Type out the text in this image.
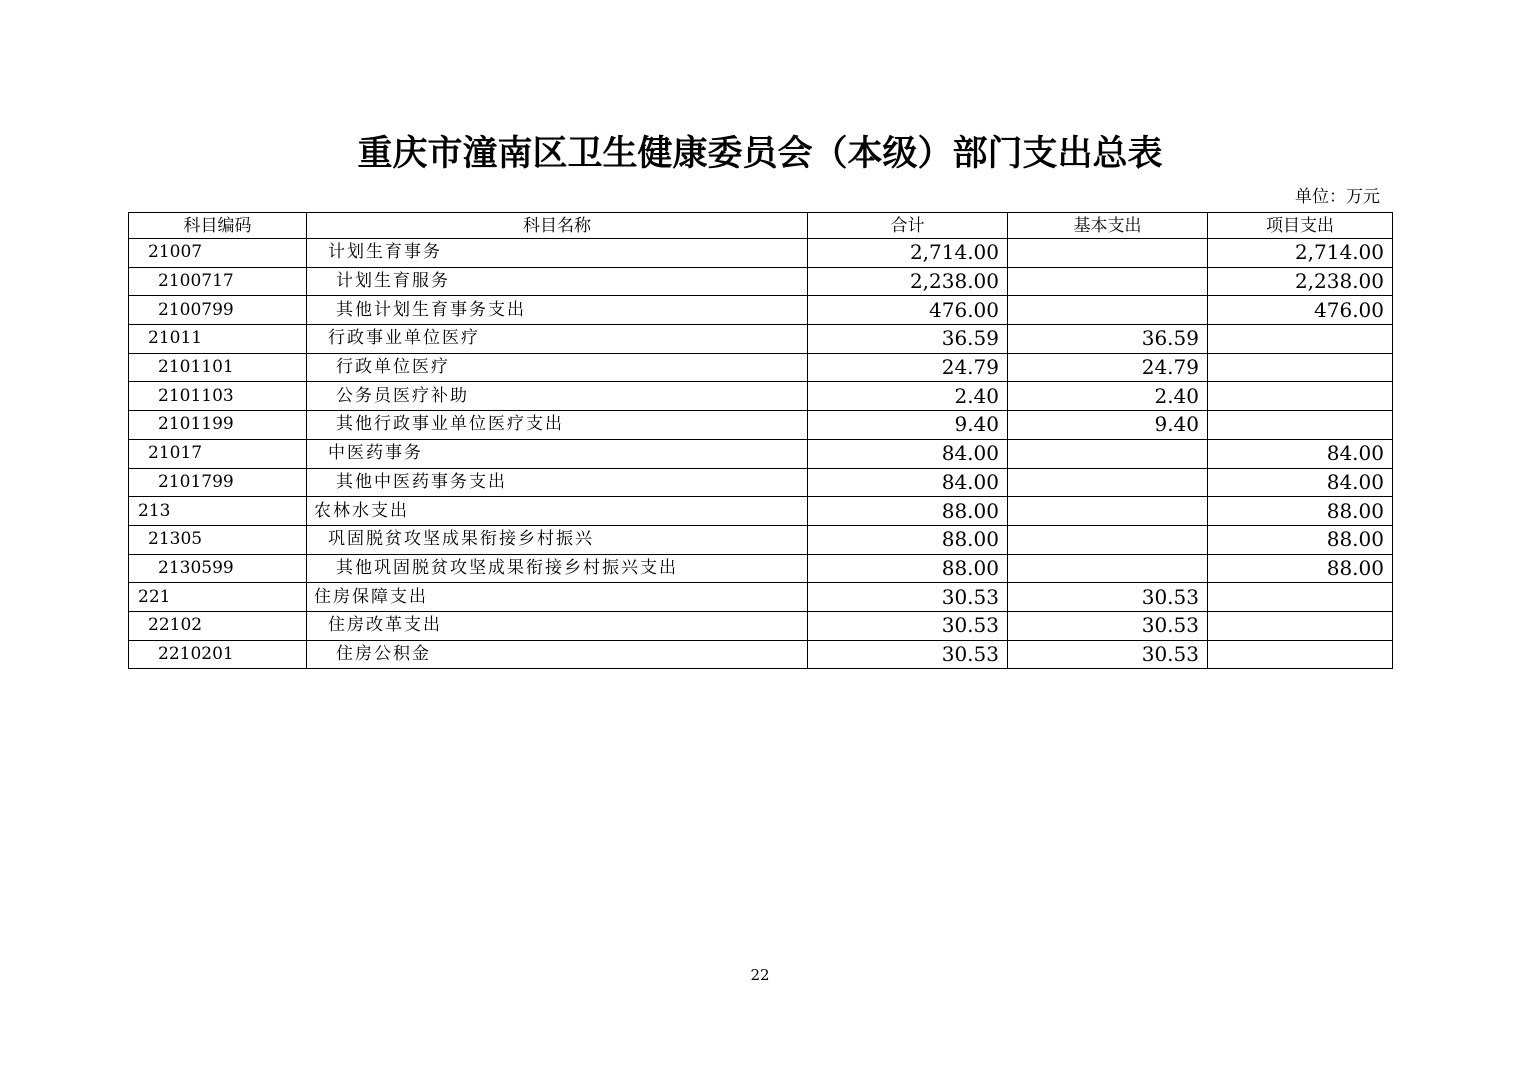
重庆市潼南区卫生健康委员会（本级）部门支出总表
单位：万元
科目编码	科目名称	合计	基本支出	项目支出
21007	计划生育事务	2,714.00		2,714.00
2100717	计划生育服务	2,238.00		2,238.00
2100799	其他计划生育事务支出	476.00		476.00
21011	行政事业单位医疗	36.59	36.59	
2101101	行政单位医疗	24.79	24.79	
2101103	公务员医疗补助	2.40	2.40	
2101199	其他行政事业单位医疗支出	9.40	9.40	
21017	中医药事务	84.00		84.00
2101799	其他中医药事务支出	84.00		84.00
213	农林水支出	88.00		88.00
21305	巩固脱贫攻坚成果衔接乡村振兴	88.00		88.00
2130599	其他巩固脱贫攻坚成果衔接乡村振兴支出	88.00		88.00
221	住房保障支出	30.53	30.53	
22102	住房改革支出	30.53	30.53	
2210201	住房公积金	30.53	30.53	
22
